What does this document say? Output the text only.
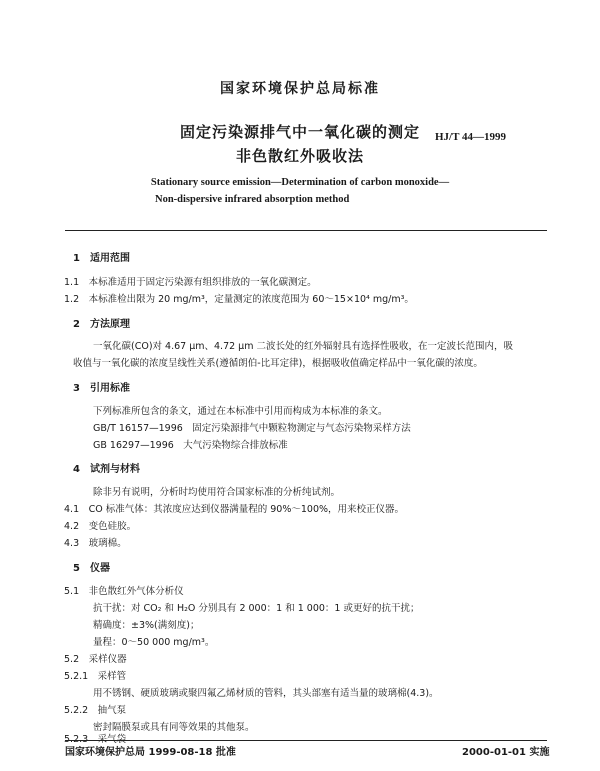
国家环境保护总局标准
固定污染源排气中一氧化碳的测定
非色散红外吸收法
HJ/T 44—1999
Stationary source emission—Determination of carbon monoxide—
Non-dispersive infrared absorption method
1　适用范围
1.1　本标准适用于固定污染源有组织排放的一氧化碳测定。
1.2　本标准检出限为 20 mg/m³，定量测定的浓度范围为 60～15×10⁴ mg/m³。
2　方法原理
一氧化碳(CO)对 4.67 μm、4.72 μm 二波长处的红外辐射具有选择性吸收，在一定波长范围内，吸
收值与一氧化碳的浓度呈线性关系(遵循朗伯-比耳定律)，根据吸收值确定样品中一氧化碳的浓度。
3　引用标准
下列标准所包含的条文，通过在本标准中引用而构成为本标准的条文。
GB/T 16157—1996　固定污染源排气中颗粒物测定与气态污染物采样方法
GB 16297—1996　大气污染物综合排放标准
4　试剂与材料
除非另有说明，分析时均使用符合国家标准的分析纯试剂。
4.1　CO 标准气体：其浓度应达到仪器满量程的 90%～100%，用来校正仪器。
4.2　变色硅胶。
4.3　玻璃棉。
5　仪器
5.1　非色散红外气体分析仪
抗干扰：对 CO₂ 和 H₂O 分别具有 2 000：1 和 1 000：1 或更好的抗干扰；
精确度：±3%(满刻度)；
量程：0～50 000 mg/m³。
5.2　采样仪器
5.2.1　采样管
用不锈钢、硬质玻璃或聚四氟乙烯材质的管料，其头部塞有适当量的玻璃棉(4.3)。
5.2.2　抽气泵
密封隔膜泵或具有同等效果的其他泵。
5.2.3　采气袋
国家环境保护总局 1999-08-18 批准	2000-01-01 实施
